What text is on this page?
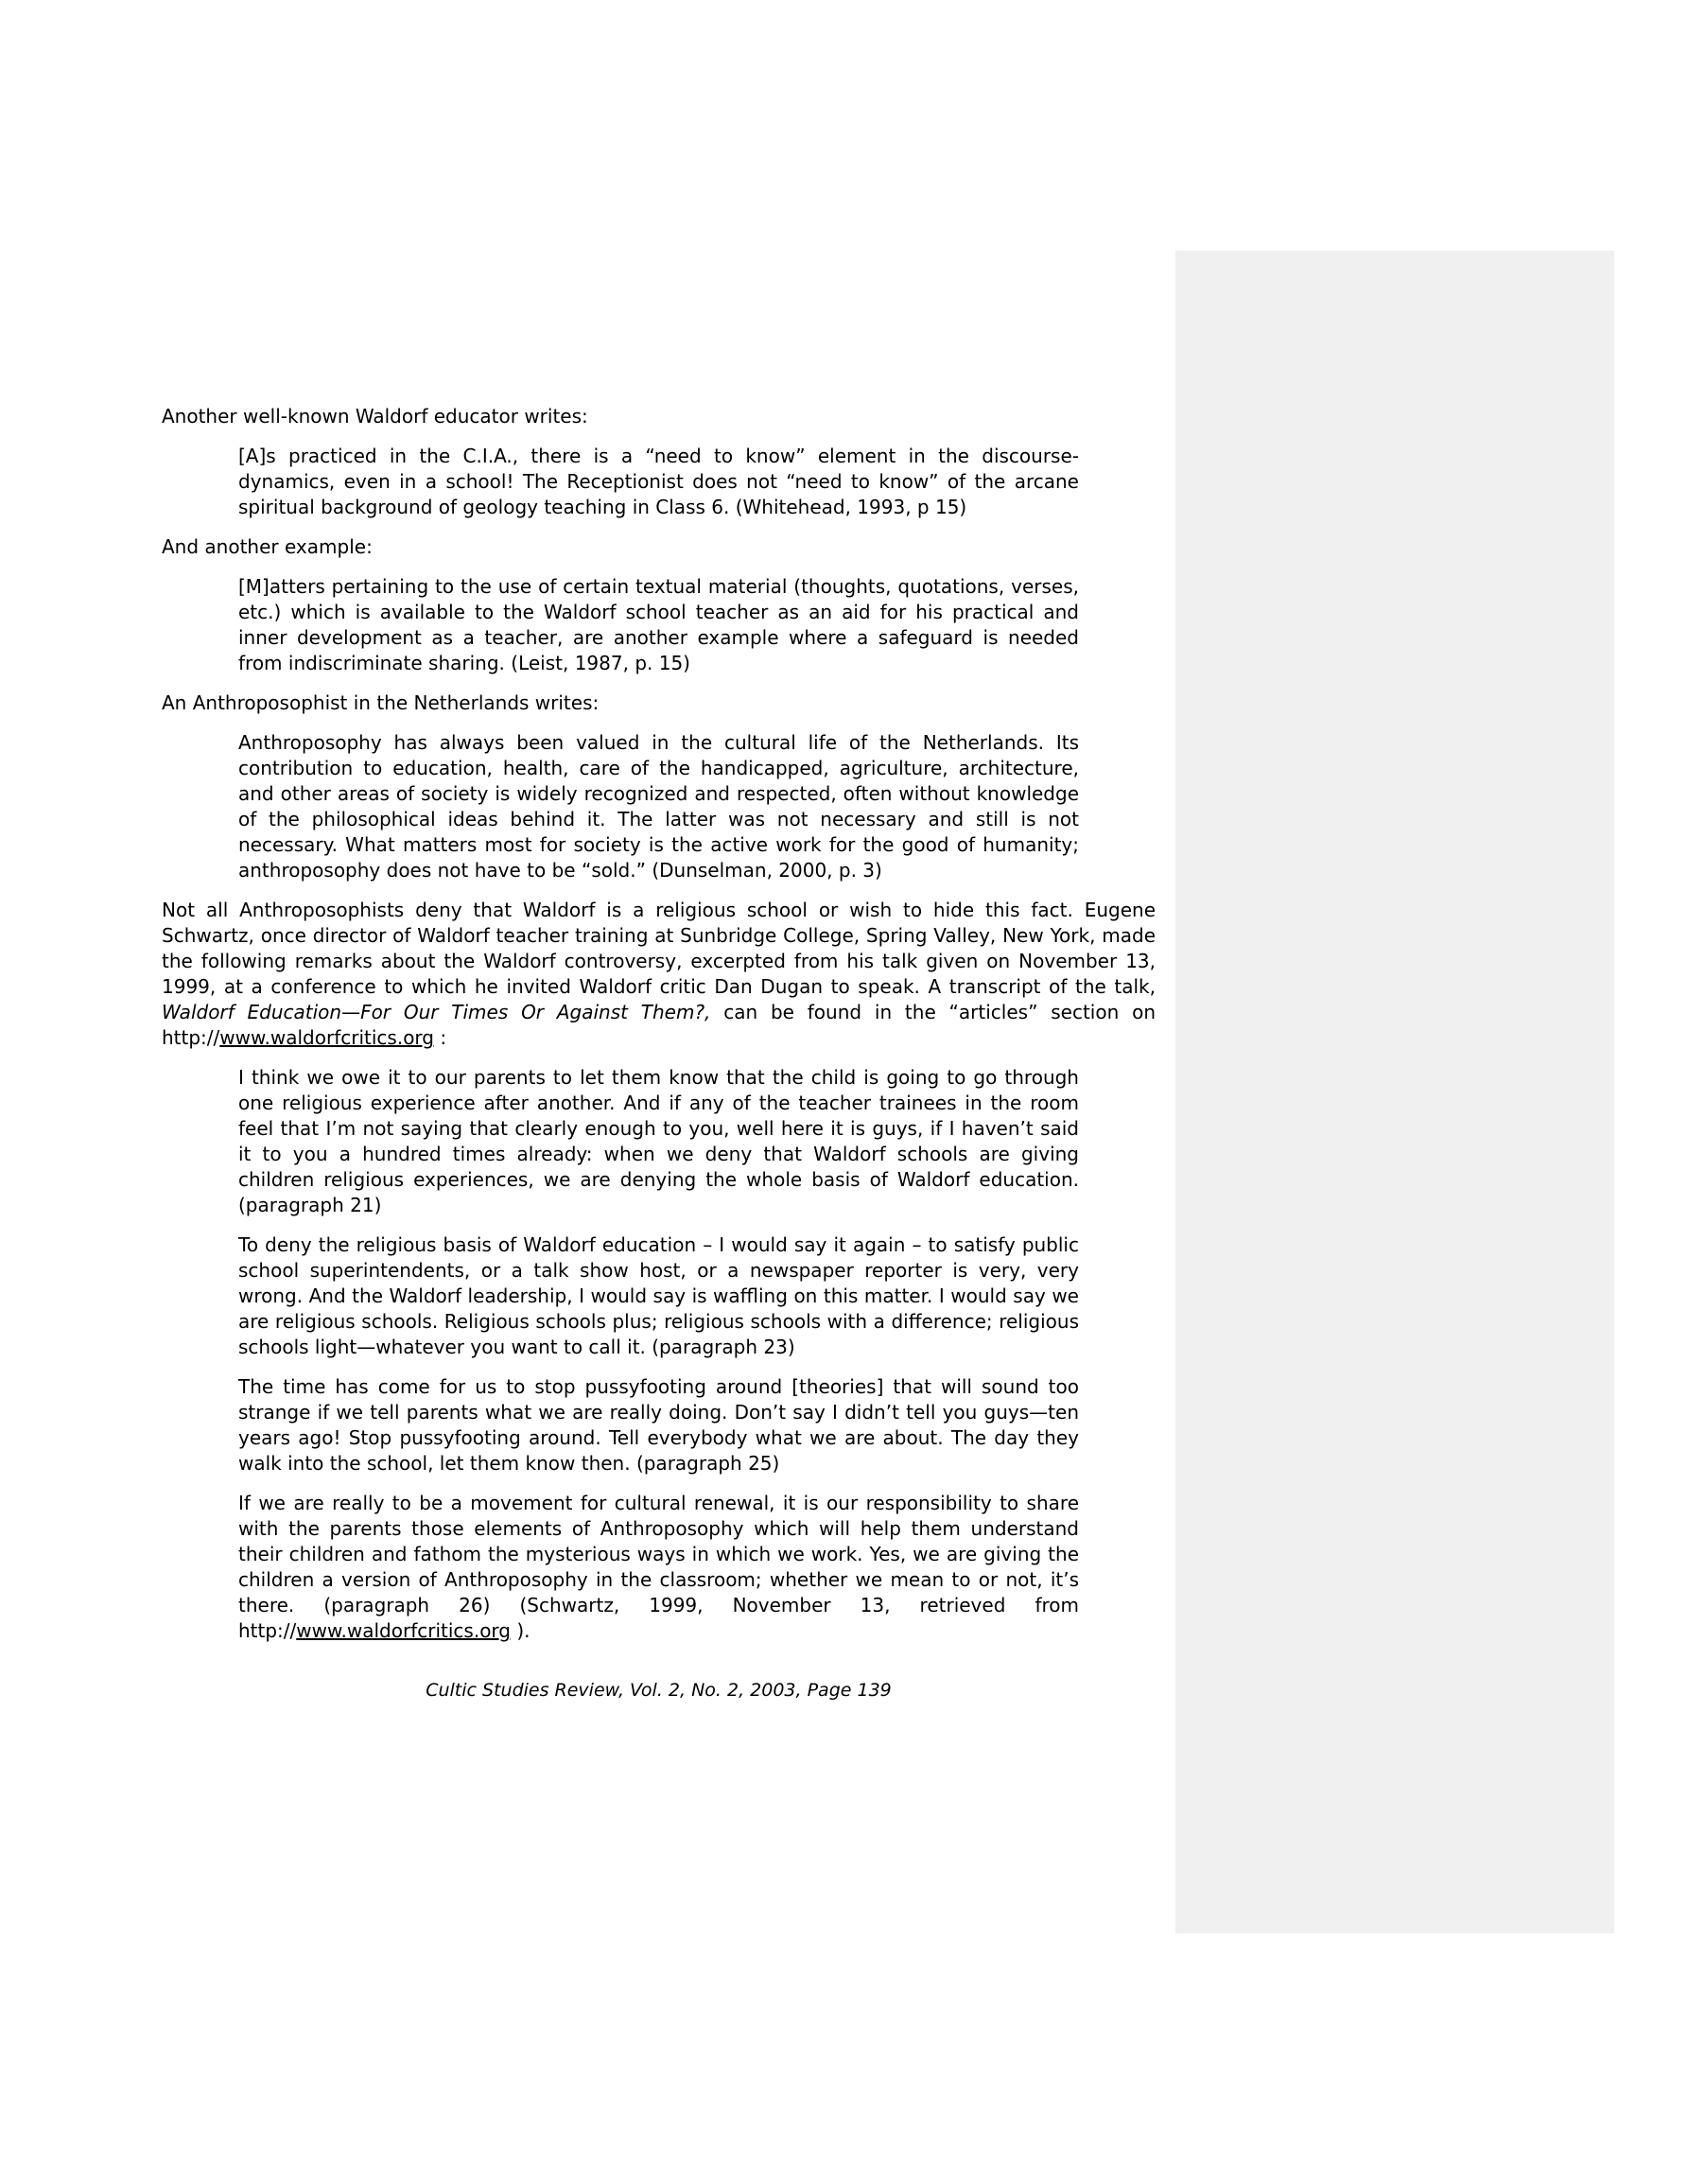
Another well-known Waldorf educator writes:

[A]s practiced in the C.I.A., there is a “need to know” element in the discourse-dynamics, even in a school! The Receptionist does not “need to know” of the arcane spiritual background of geology teaching in Class 6. (Whitehead, 1993, p 15)

And another example:

[M]atters pertaining to the use of certain textual material (thoughts, quotations, verses, etc.) which is available to the Waldorf school teacher as an aid for his practical and inner development as a teacher, are another example where a safeguard is needed from indiscriminate sharing. (Leist, 1987, p. 15)

An Anthroposophist in the Netherlands writes:

Anthroposophy has always been valued in the cultural life of the Netherlands. Its contribution to education, health, care of the handicapped, agriculture, architecture, and other areas of society is widely recognized and respected, often without knowledge of the philosophical ideas behind it. The latter was not necessary and still is not necessary. What matters most for society is the active work for the good of humanity; anthroposophy does not have to be “sold.” (Dunselman, 2000, p. 3)

Not all Anthroposophists deny that Waldorf is a religious school or wish to hide this fact. Eugene Schwartz, once director of Waldorf teacher training at Sunbridge College, Spring Valley, New York, made the following remarks about the Waldorf controversy, excerpted from his talk given on November 13, 1999, at a conference to which he invited Waldorf critic Dan Dugan to speak. A transcript of the talk, Waldorf Education—For Our Times Or Against Them?, can be found in the “articles” section on http://www.waldorfcritics.org :

I think we owe it to our parents to let them know that the child is going to go through one religious experience after another. And if any of the teacher trainees in the room feel that I’m not saying that clearly enough to you, well here it is guys, if I haven’t said it to you a hundred times already: when we deny that Waldorf schools are giving children religious experiences, we are denying the whole basis of Waldorf education. (paragraph 21)
To deny the religious basis of Waldorf education – I would say it again – to satisfy public school superintendents, or a talk show host, or a newspaper reporter is very, very wrong. And the Waldorf leadership, I would say is waffling on this matter. I would say we are religious schools. Religious schools plus; religious schools with a difference; religious schools light—whatever you want to call it. (paragraph 23)
The time has come for us to stop pussyfooting around [theories] that will sound too strange if we tell parents what we are really doing. Don’t say I didn’t tell you guys—ten years ago! Stop pussyfooting around. Tell everybody what we are about. The day they walk into the school, let them know then. (paragraph 25)
If we are really to be a movement for cultural renewal, it is our responsibility to share with the parents those elements of Anthroposophy which will help them understand their children and fathom the mysterious ways in which we work. Yes, we are giving the children a version of Anthroposophy in the classroom; whether we mean to or not, it’s there. (paragraph 26) (Schwartz, 1999, November 13, retrieved from http://www.waldorfcritics.org ).

Cultic Studies Review, Vol. 2, No. 2, 2003, Page 139
